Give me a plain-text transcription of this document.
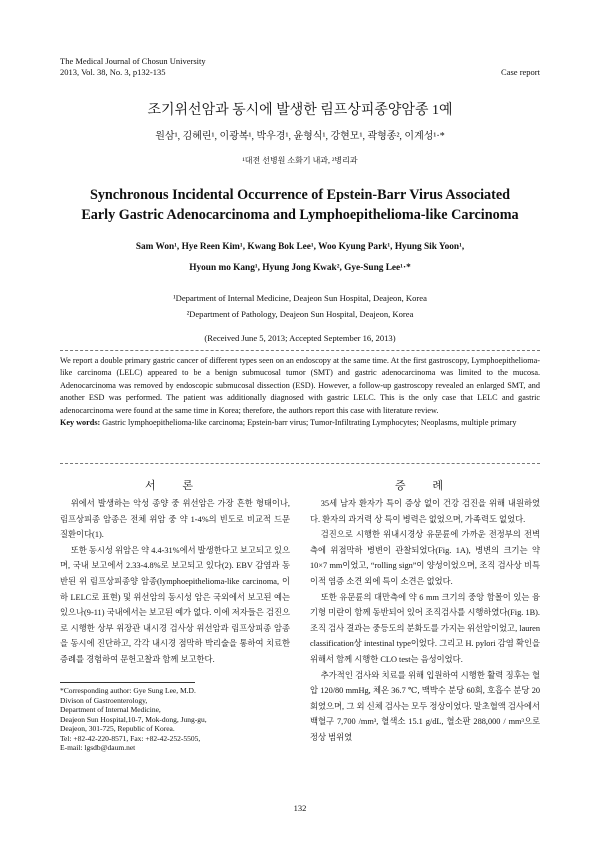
The Medical Journal of Chosun University
2013, Vol. 38, No. 3, p132-135	Case report
조기위선암과 동시에 발생한 림프상피종양암종 1예
원삼¹, 김혜린¹, 이광복¹, 박우경¹, 윤형식¹, 강현모¹, 곽형종², 이계성¹·*
¹대전 선병원 소화기 내과, ²병리과
Synchronous Incidental Occurrence of Epstein-Barr Virus Associated
Early Gastric Adenocarcinoma and Lymphoepithelioma-like Carcinoma
Sam Won¹, Hye Reen Kim¹, Kwang Bok Lee¹, Woo Kyung Park¹, Hyung Sik Yoon¹,
Hyoun mo Kang¹, Hyung Jong Kwak², Gye-Sung Lee¹·*
¹Department of Internal Medicine, Deajeon Sun Hospital, Deajeon, Korea
²Department of Pathology, Deajeon Sun Hospital, Deajeon, Korea
(Received June 5, 2013; Accepted September 16, 2013)
We report a double primary gastric cancer of different types seen on an endoscopy at the same time. At the first gastroscopy, Lymphoepithelioma-like carcinoma (LELC) appeared to be a benign submucosal tumor (SMT) and gastric adenocarcinoma was limited to the mucosa. Adenocarcinoma was removed by endoscopic submucosal dissection (ESD). However, a follow-up gastroscopy revealed an enlarged SMT, and another ESD was performed. The patient was additionally diagnosed with gastric LELC. This is the only case that LELC and gastric adenocarcinoma were found at the same time in Korea; therefore, the authors report this case with literature review.
Key words: Gastric lymphoepithelioma-like carcinoma; Epstein-barr virus; Tumor-Infiltrating Lymphocytes; Neoplasms, multiple primary
서 론

위에서 발생하는 악성 종양 중 위선암은 가장 흔한 형태이나, 림프상피종 암종은 전체 위암 중 약 1-4%의 빈도로 비교적 드문 질환이다(1).

또한 동시성 위암은 약 4.4-31%에서 발생한다고 보고되고 있으며, 국내 보고에서 2.33-4.8%로 보고되고 있다(2). EBV 감염과 동반된 위 림프상피종양 암종(lymphoepithelioma-like carcinoma, 이하 LELC로 표현) 및 위선암의 동시성 암은 국외에서 보고된 예는 있으나(9-11) 국내에서는 보고된 예가 없다. 이에 저자들은 검진으로 시행한 상부 위장관 내시경 검사상 위선암과 림프상피종 암종을 동시에 진단하고, 각각 내시경 점막하 박리술을 통하여 치료한 증례를 경험하여 문헌고찰과 함께 보고한다.

*Corresponding author: Gye Sung Lee, M.D.
Divison of Gastroenterology,
Department of Internal Medicine,
Deajeon Sun Hospital,10-7, Mok-dong, Jung-gu,
Deajeon, 301-725, Republic of Korea.
Tel: +82-42-220-8571, Fax: +82-42-252-5505,
E-mail: lgsdb@daum.net
증 례

35세 남자 환자가 특이 증상 없이 건강 검진을 위해 내원하였다. 환자의 과거력 상 특이 병력은 없었으며, 가족력도 없었다.

검진으로 시행한 위내시경상 유문륜에 가까운 전정부의 전벽측에 위점막하 병변이 관찰되었다(Fig. 1A), 병변의 크기는 약 10×7 mm이었고, “rolling sign”이 양성이었으며, 조직 검사상 비특이적 염증 소견 외에 특이 소견은 없었다.

또한 유문륜의 대만측에 약 6 mm 크기의 중앙 함몰이 있는 융기형 미란이 함께 동반되어 있어 조직검사를 시행하였다(Fig. 1B). 조직 검사 결과는 중등도의 분화도를 가지는 위선암이었고, lauren classification상 intestinal type이었다. 그리고 H. pylori 감염 확인을 위해서 함께 시행한 CLO test는 음성이었다.

추가적인 검사와 치료를 위해 입원하여 시행한 활력 징후는 혈압 120/80 mmHg, 체온 36.7 ℃, 맥박수 분당 60회, 호흡수 분당 20회였으며, 그 외 신체 검사는 모두 정상이었다. 말초혈액 검사에서 백혈구 7,700 /mm³, 혈색소 15.1 g/dL, 혈소판 288,000 / mm³으로 정상 범위였

132
